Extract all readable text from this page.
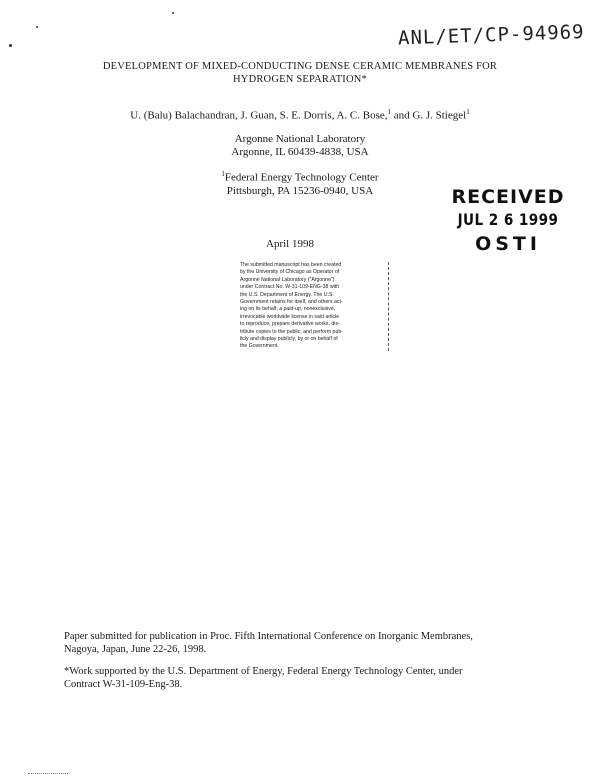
ANL/ET/CP-94969
DEVELOPMENT OF MIXED-CONDUCTING DENSE CERAMIC MEMBRANES FOR
HYDROGEN SEPARATION*
U. (Balu) Balachandran, J. Guan, S. E. Dorris, A. C. Bose,$^1$ and G. J. Stiegel$^1$
Argonne National Laboratory
Argonne, IL 60439-4838, USA
$^1$Federal Energy Technology Center
Pittsburgh, PA 15236-0940, USA	RECEIVED
JUL 2 6 1999
OSTI
April 1998
The submitted manuscript has been created
by the University of Chicago as Operator of
Argonne National Laboratory ("Argonne")
under Contract No. W-31-109-ENG-38 with
the U.S. Department of Energy. The U.S.
Government retains for itself, and others act-
ing on its behalf, a paid-up, nonexclusive,
irrevocable worldwide license in said article
to reproduce, prepare derivative works, dis-
tribute copies to the public, and perform pub-
licly and display publicly, by or on behalf of
the Government.
Paper submitted for publication in Proc. Fifth International Conference on Inorganic Membranes,
Nagoya, Japan, June 22-26, 1998.
*Work supported by the U.S. Department of Energy, Federal Energy Technology Center, under
Contract W-31-109-Eng-38.
